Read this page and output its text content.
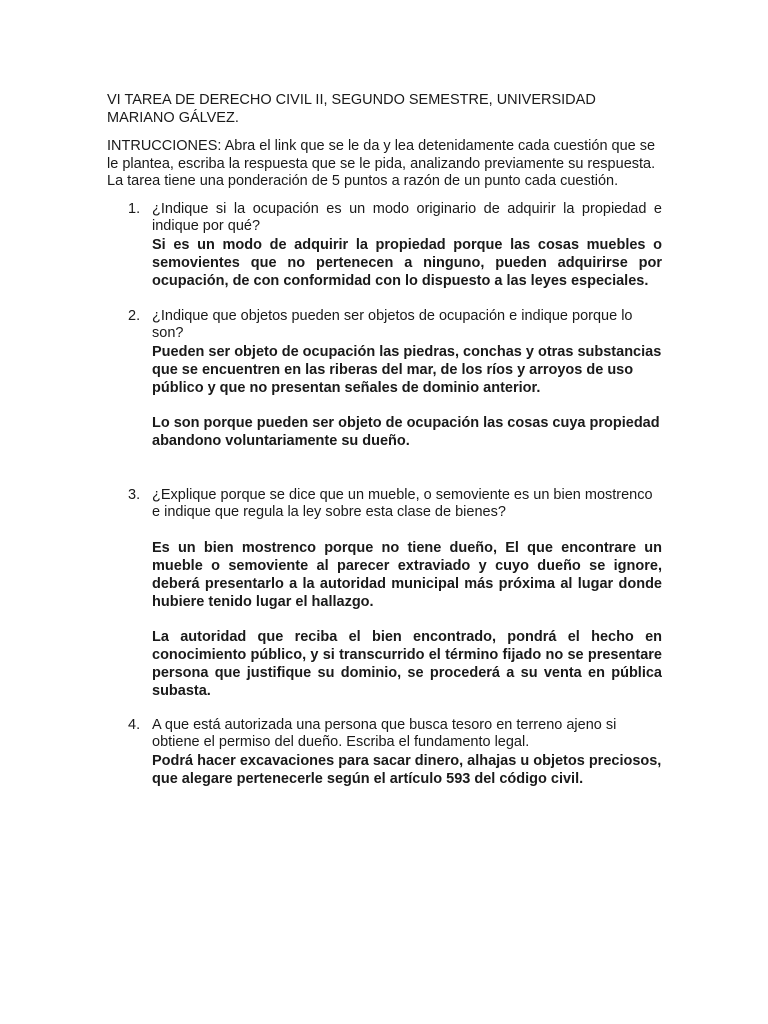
VI TAREA DE DERECHO CIVIL II, SEGUNDO SEMESTRE, UNIVERSIDAD MARIANO GÁLVEZ.

INTRUCCIONES: Abra el link que se le da y lea detenidamente cada cuestión que se le plantea, escriba la respuesta que se le pida, analizando previamente su respuesta. La tarea tiene una ponderación de 5 puntos a razón de un punto cada cuestión.

1. ¿Indique si la ocupación es un modo originario de adquirir la propiedad e indique por qué?

Si es un modo de adquirir la propiedad porque las cosas muebles o semovientes que no pertenecen a ninguno, pueden adquirirse por ocupación, de con conformidad con lo dispuesto a las leyes especiales.

2. ¿Indique que objetos pueden ser objetos de ocupación e indique porque lo son?

Pueden ser objeto de ocupación las piedras, conchas y otras substancias que se encuentren en las riberas del mar, de los ríos y arroyos de uso público y que no presentan señales de dominio anterior.

Lo son porque pueden ser objeto de ocupación las cosas cuya propiedad abandono voluntariamente su dueño.

3. ¿Explique porque se dice que un mueble, o semoviente es un bien mostrenco e indique que regula la ley sobre esta clase de bienes?

Es un bien mostrenco porque no tiene dueño, El que encontrare un mueble o semoviente al parecer extraviado y cuyo dueño se ignore, deberá presentarlo a la autoridad municipal más próxima al lugar donde hubiere tenido lugar el hallazgo.

La autoridad que reciba el bien encontrado, pondrá el hecho en conocimiento público, y si transcurrido el término fijado no se presentare persona que justifique su dominio, se procederá a su venta en pública subasta.

4. A que está autorizada una persona que busca tesoro en terreno ajeno si obtiene el permiso del dueño. Escriba el fundamento legal.

Podrá hacer excavaciones para sacar dinero, alhajas u objetos preciosos, que alegare pertenecerle según el artículo 593 del código civil.
